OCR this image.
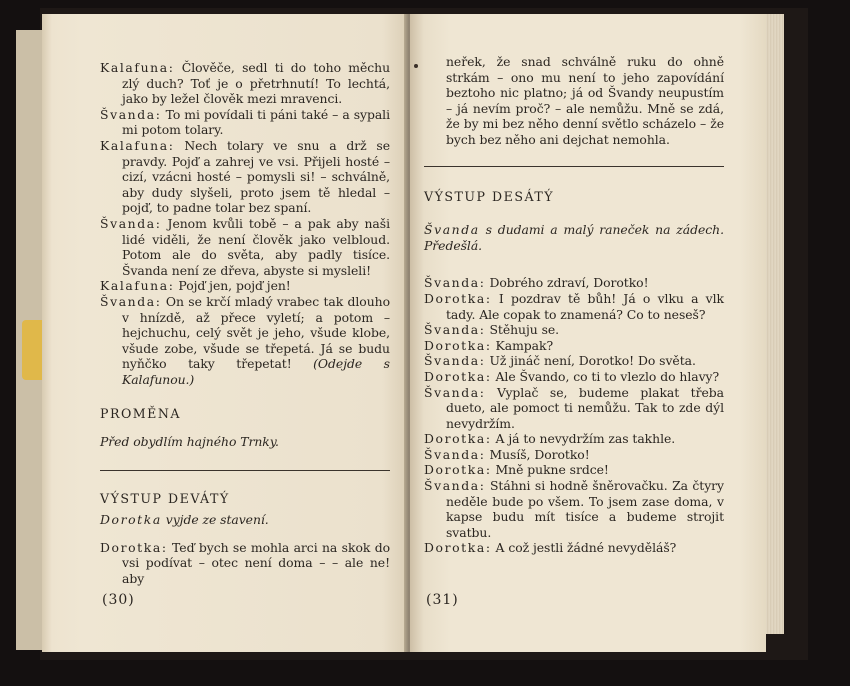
Kalafuna: Člověče, sedl ti do toho měchu zlý duch? Toť je o přetrhnutí! To lechtá, jako by ležel člověk mezi mravenci.

Švanda: To mi povídali ti páni také – a sypali mi potom tolary.

Kalafuna: Nech tolary ve snu a drž se pravdy. Pojď a zahrej ve vsi. Přijeli hosté – cizí, vzácni hosté – pomysli si! – schválně, aby dudy slyšeli, proto jsem tě hledal – pojď, to padne tolar bez spaní.

Švanda: Jenom kvůli tobě – a pak aby naši lidé viděli, že není člověk jako velbloud. Potom ale do světa, aby padly tisíce. Švanda není ze dřeva, abyste si mysleli!

Kalafuna: Pojď jen, pojď jen!

Švanda: On se krčí mladý vrabec tak dlouho v hnízdě, až přece vyletí; a potom – hejchuchu, celý svět je jeho, všude klobe, všude zobe, všude se třepetá. Já se budu nyňčko taky třepetat! (Odejde s Kalafunou.)

PROMĚNA

Před obydlím hajného Trnky.

VÝSTUP DEVÁTÝ

Dorotka vyjde ze stavení.

Dorotka: Teď bych se mohla arci na skok do vsi podívat – otec není doma – – ale ne! aby

(30)

neřek, že snad schválně ruku do ohně strkám – ono mu není to jeho zapovídání beztoho nic platno; já od Švandy neupustím – já nevím proč? – ale nemůžu. Mně se zdá, že by mi bez něho denní světlo scházelo – že bych bez něho ani dejchat nemohla.

VÝSTUP DESÁTÝ

Švanda s dudami a malý raneček na zádech. Předešlá.

Švanda: Dobrého zdraví, Dorotko!

Dorotka: I pozdrav tě bůh! Já o vlku a vlk tady. Ale copak to znamená? Co to neseš?

Švanda: Stěhuju se.

Dorotka: Kampak?

Švanda: Už jináč není, Dorotko! Do světa.

Dorotka: Ale Švando, co ti to vlezlo do hlavy?

Švanda: Vyplač se, budeme plakat třeba dueto, ale pomoct ti nemůžu. Tak to zde dýl nevydržím.

Dorotka: A já to nevydržím zas takhle.

Švanda: Musíš, Dorotko!

Dorotka: Mně pukne srdce!

Švanda: Stáhni si hodně šněrovačku. Za čtyry neděle bude po všem. To jsem zase doma, v kapse budu mít tisíce a budeme strojit svatbu.

Dorotka: A což jestli žádné nevyděláš?

(31)
